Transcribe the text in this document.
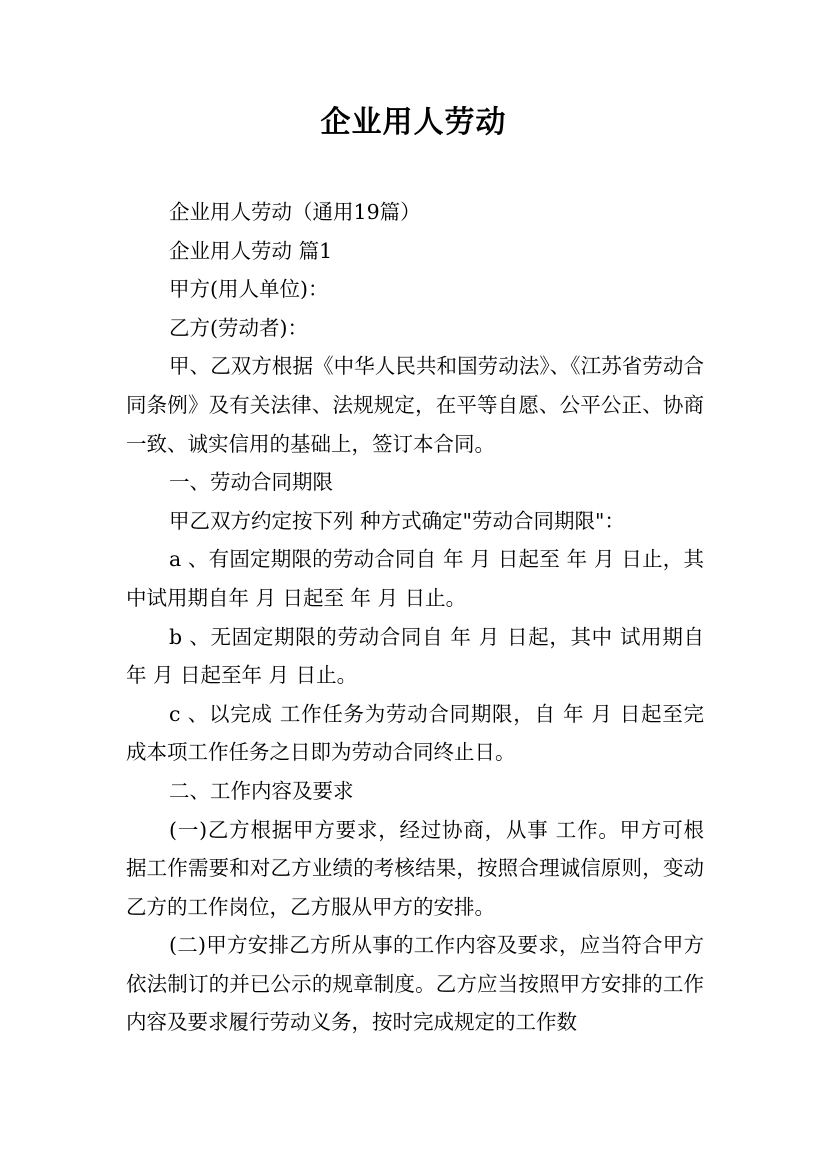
企业用人劳动

企业用人劳动（通用19篇）

企业用人劳动 篇1

甲方(用人单位)：

乙方(劳动者)：

甲、乙双方根据《中华人民共和国劳动法》、《江苏省劳动合同条例》及有关法律、法规规定，在平等自愿、公平公正、协商一致、诚实信用的基础上，签订本合同。

一、劳动合同期限

甲乙双方约定按下列 种方式确定"劳动合同期限"：

a 、有固定期限的劳动合同自 年 月 日起至 年 月 日止，其中试用期自年 月 日起至 年 月 日止。

b 、无固定期限的劳动合同自 年 月 日起，其中 试用期自 年 月 日起至年 月 日止。

c 、以完成 工作任务为劳动合同期限，自 年 月 日起至完成本项工作任务之日即为劳动合同终止日。

二、工作内容及要求

(一)乙方根据甲方要求，经过协商，从事 工作。甲方可根据工作需要和对乙方业绩的考核结果，按照合理诚信原则，变动乙方的工作岗位，乙方服从甲方的安排。

(二)甲方安排乙方所从事的工作内容及要求，应当符合甲方依法制订的并已公示的规章制度。乙方应当按照甲方安排的工作内容及要求履行劳动义务，按时完成规定的工作数
